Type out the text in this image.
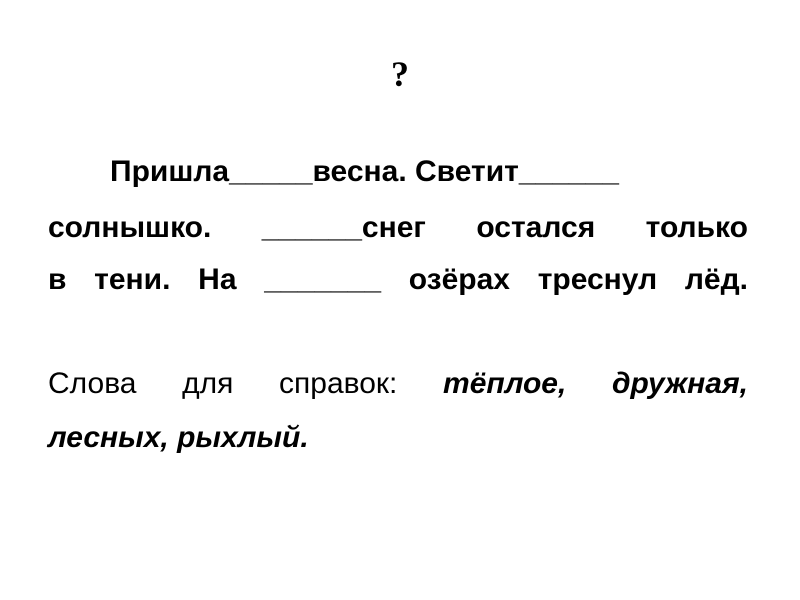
?
Пришла_____весна. Светит______
солнышко. ______снег остался только
в тени. На _______ озёрах треснул лёд.
Слова для справок: тёплое, дружная,
лесных, рыхлый.
